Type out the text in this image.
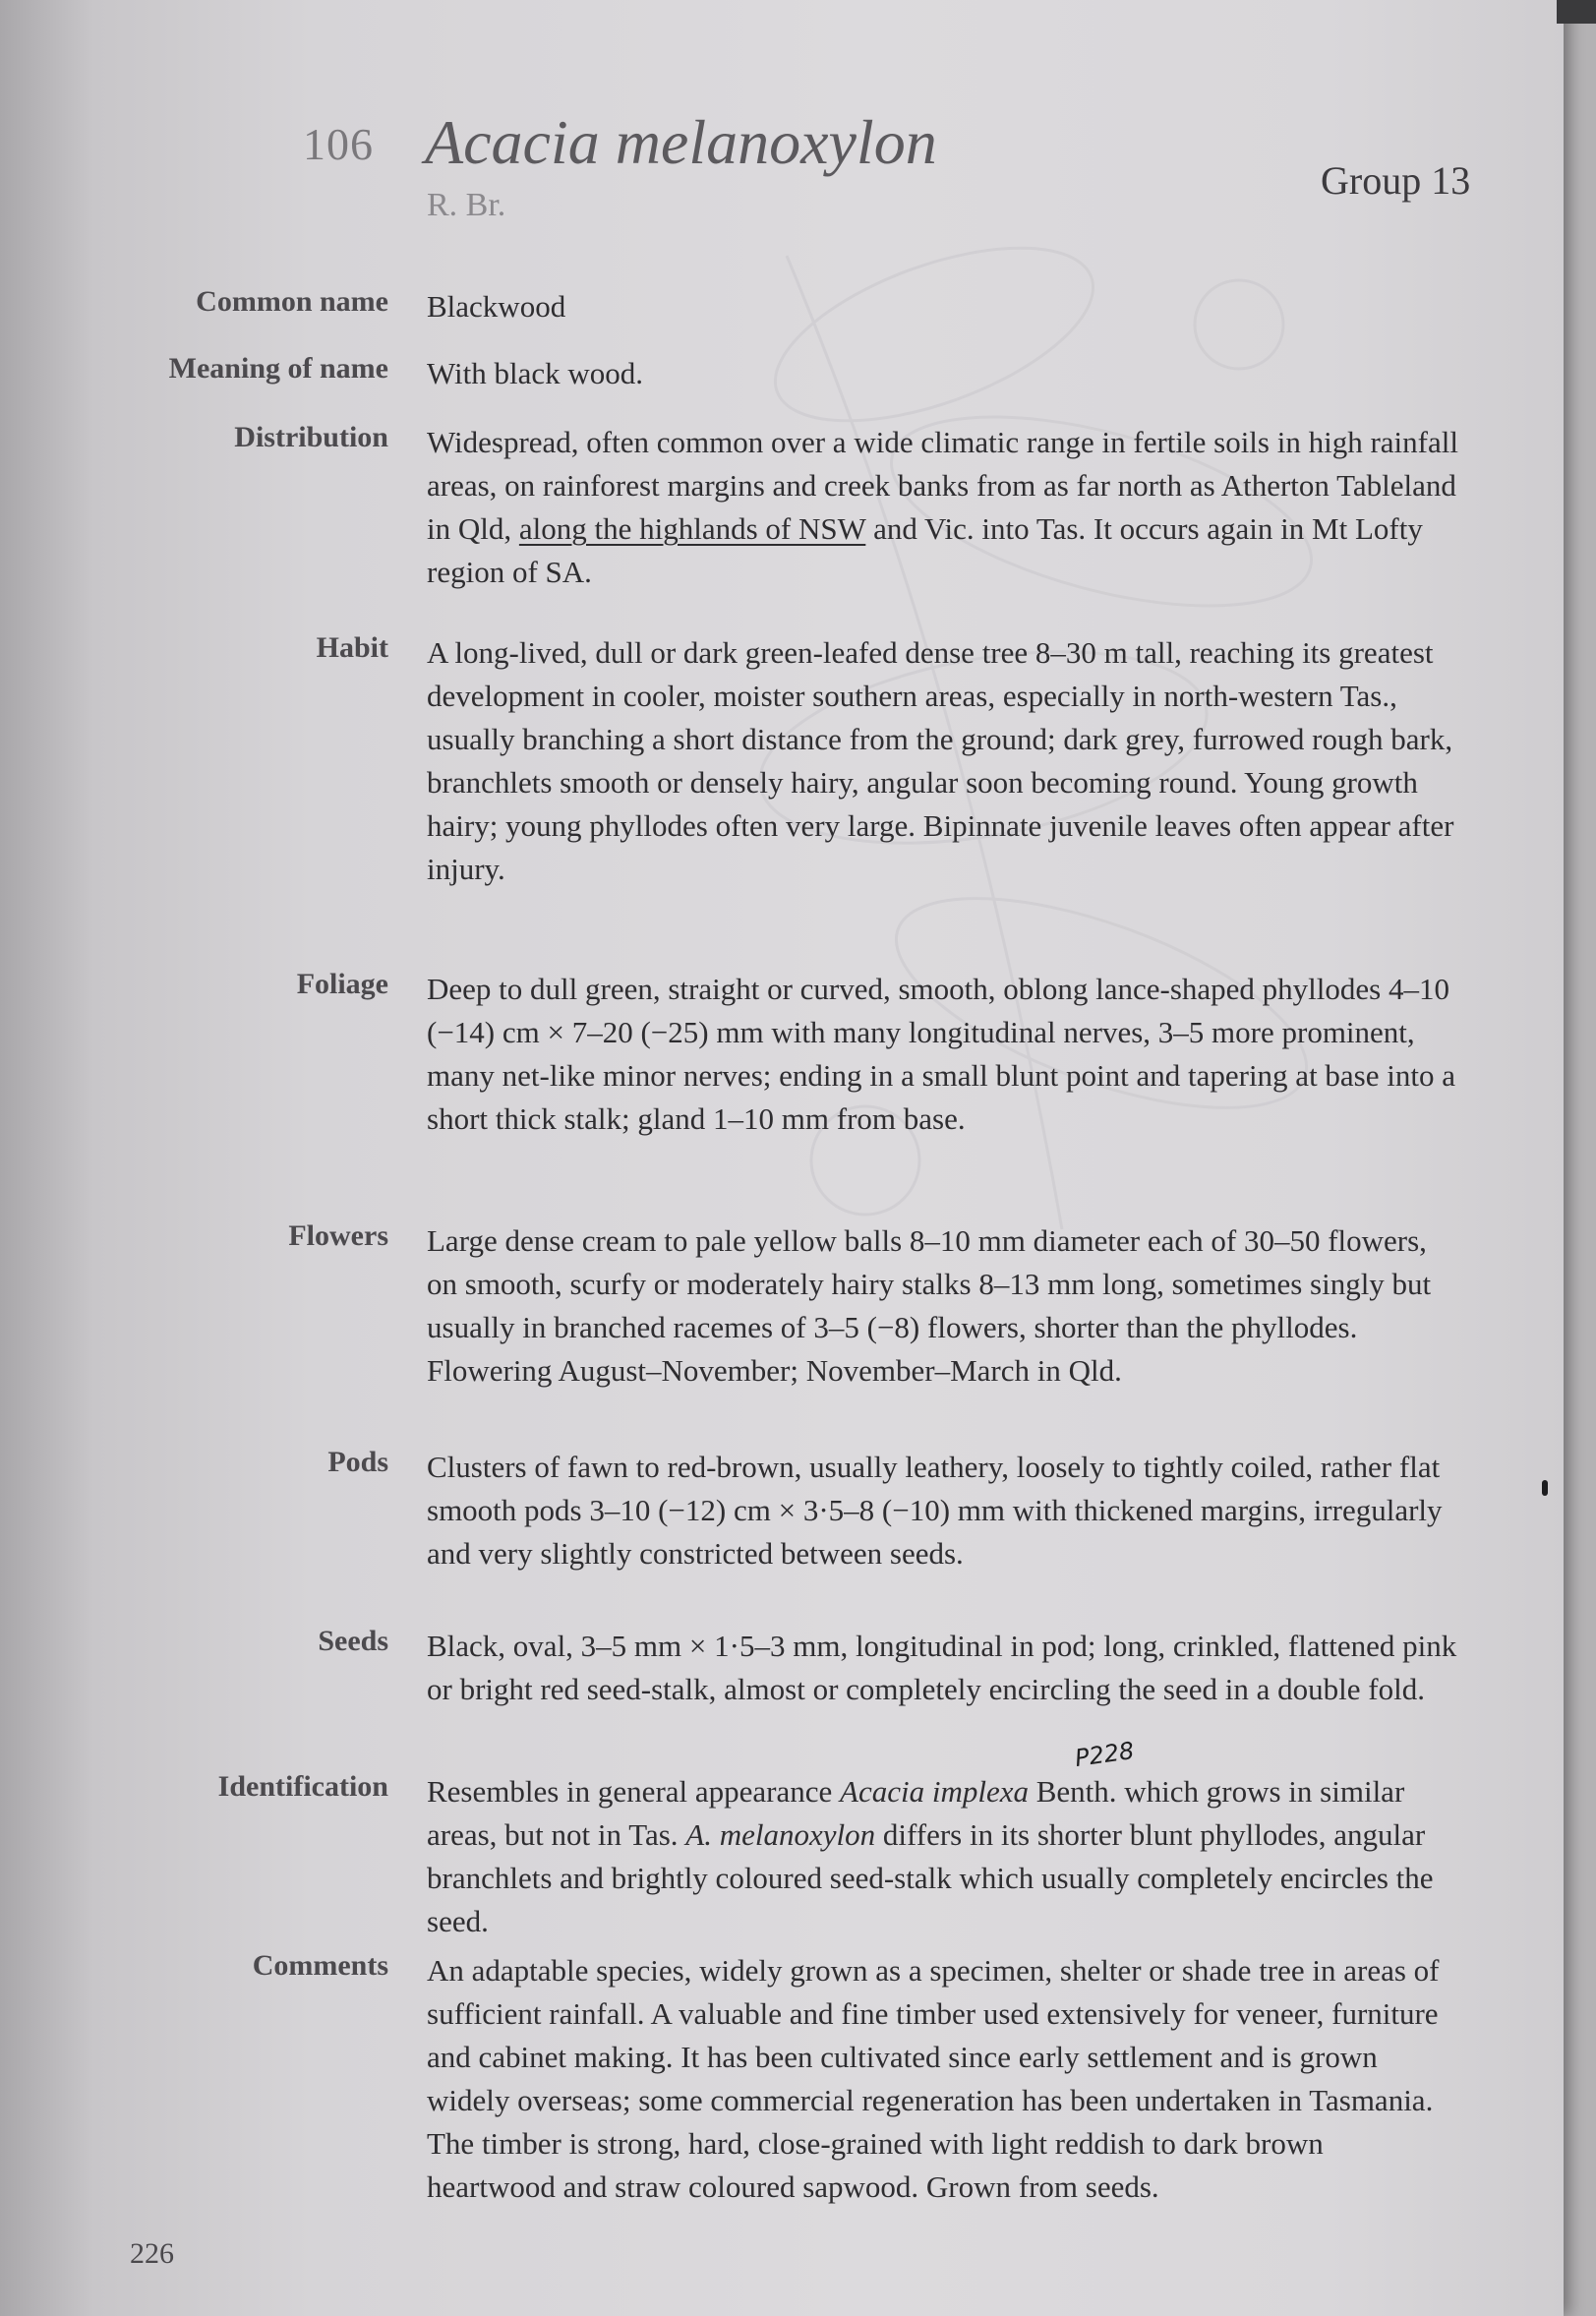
106 Acacia melanoxylon
R. Br.
Group 13
Common name Blackwood
Meaning of name With black wood.
Distribution Widespread, often common over a wide climatic range in fertile soils in high rainfall areas, on rainforest margins and creek banks from as far north as Atherton Tableland in Qld, along the highlands of NSW and Vic. into Tas. It occurs again in Mt Lofty region of SA.
Habit A long-lived, dull or dark green-leafed dense tree 8–30 m tall, reaching its greatest development in cooler, moister southern areas, especially in north-western Tas., usually branching a short distance from the ground; dark grey, furrowed rough bark, branchlets smooth or densely hairy, angular soon becoming round. Young growth hairy; young phyllodes often very large. Bipinnate juvenile leaves often appear after injury.
Foliage Deep to dull green, straight or curved, smooth, oblong lance-shaped phyllodes 4–10 (−14) cm × 7–20 (−25) mm with many longitudinal nerves, 3–5 more prominent, many net-like minor nerves; ending in a small blunt point and tapering at base into a short thick stalk; gland 1–10 mm from base.
Flowers Large dense cream to pale yellow balls 8–10 mm diameter each of 30–50 flowers, on smooth, scurfy or moderately hairy stalks 8–13 mm long, sometimes singly but usually in branched racemes of 3–5 (−8) flowers, shorter than the phyllodes. Flowering August–November; November–March in Qld.
Pods Clusters of fawn to red-brown, usually leathery, loosely to tightly coiled, rather flat smooth pods 3–10 (−12) cm × 3·5–8 (−10) mm with thickened margins, irregularly and very slightly constricted between seeds.
Seeds Black, oval, 3–5 mm × 1·5–3 mm, longitudinal in pod; long, crinkled, flattened pink or bright red seed-stalk, almost or completely encircling the seed in a double fold.
Identification Resembles in general appearance Acacia implexa Benth. which grows in similar areas, but not in Tas. A. melanoxylon differs in its shorter blunt phyllodes, angular branchlets and brightly coloured seed-stalk which usually completely encircles the seed.
P228
Comments An adaptable species, widely grown as a specimen, shelter or shade tree in areas of sufficient rainfall. A valuable and fine timber used extensively for veneer, furniture and cabinet making. It has been cultivated since early settlement and is grown widely overseas; some commercial regeneration has been undertaken in Tasmania. The timber is strong, hard, close-grained with light reddish to dark brown heartwood and straw coloured sapwood. Grown from seeds.
226
